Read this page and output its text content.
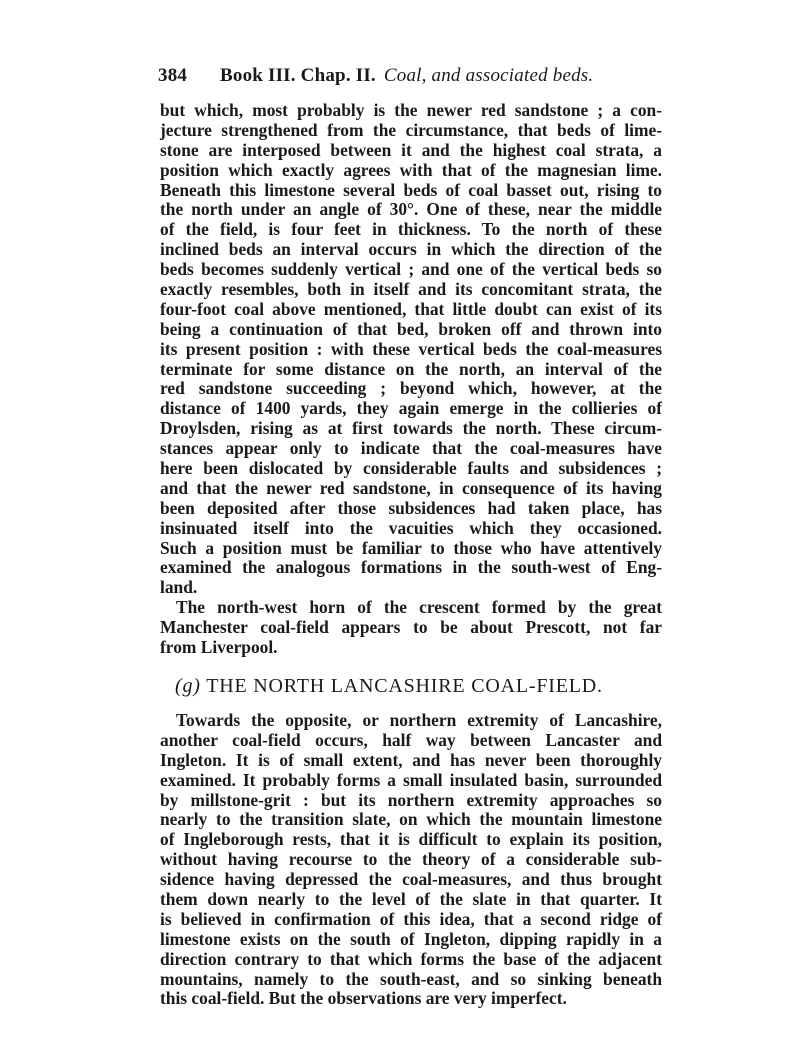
384 Book III. Chap. II. Coal, and associated beds.
but which, most probably is the newer red sandstone ; a con-
jecture strengthened from the circumstance, that beds of lime-
stone are interposed between it and the highest coal strata, a
position which exactly agrees with that of the magnesian lime.
Beneath this limestone several beds of coal basset out, rising to
the north under an angle of 30°. One of these, near the middle
of the field, is four feet in thickness. To the north of these
inclined beds an interval occurs in which the direction of the
beds becomes suddenly vertical ; and one of the vertical beds so
exactly resembles, both in itself and its concomitant strata, the
four-foot coal above mentioned, that little doubt can exist of its
being a continuation of that bed, broken off and thrown into
its present position : with these vertical beds the coal-measures
terminate for some distance on the north, an interval of the
red sandstone succeeding ; beyond which, however, at the
distance of 1400 yards, they again emerge in the collieries of
Droylsden, rising as at first towards the north. These circum-
stances appear only to indicate that the coal-measures have
here been dislocated by considerable faults and subsidences ;
and that the newer red sandstone, in consequence of its having
been deposited after those subsidences had taken place, has
insinuated itself into the vacuities which they occasioned.
Such a position must be familiar to those who have attentively
examined the analogous formations in the south-west of Eng-
land.
The north-west horn of the crescent formed by the great
Manchester coal-field appears to be about Prescott, not far
from Liverpool.
(g) THE NORTH LANCASHIRE COAL-FIELD.
Towards the opposite, or northern extremity of Lancashire,
another coal-field occurs, half way between Lancaster and
Ingleton. It is of small extent, and has never been thoroughly
examined. It probably forms a small insulated basin, surrounded
by millstone-grit : but its northern extremity approaches so
nearly to the transition slate, on which the mountain limestone
of Ingleborough rests, that it is difficult to explain its position,
without having recourse to the theory of a considerable sub-
sidence having depressed the coal-measures, and thus brought
them down nearly to the level of the slate in that quarter. It
is believed in confirmation of this idea, that a second ridge of
limestone exists on the south of Ingleton, dipping rapidly in a
direction contrary to that which forms the base of the adjacent
mountains, namely to the south-east, and so sinking beneath
this coal-field. But the observations are very imperfect.
